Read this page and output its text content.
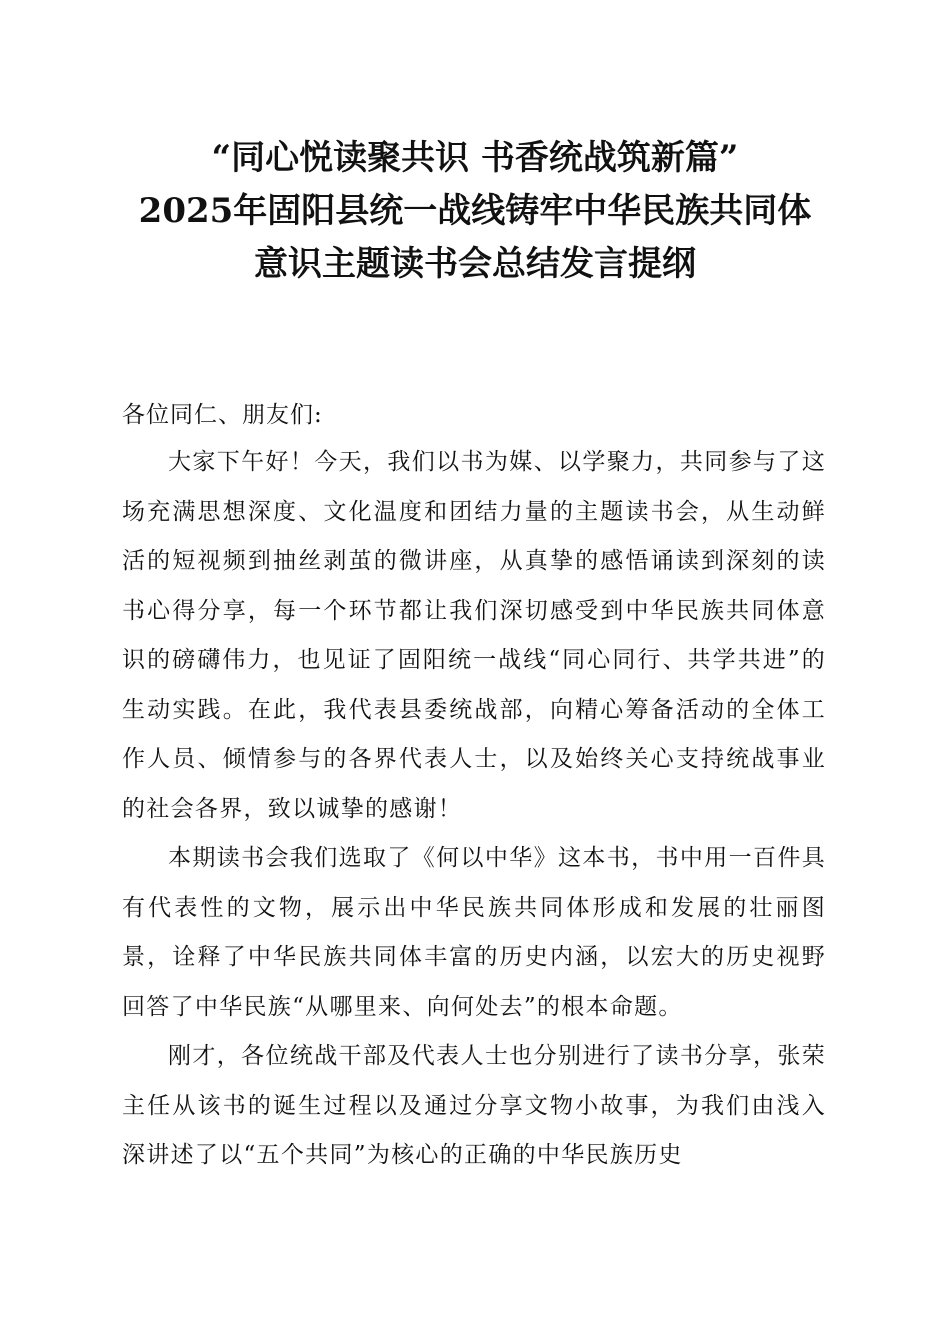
“同心悦读聚共识 书香统战筑新篇”
2025年固阳县统一战线铸牢中华民族共同体
意识主题读书会总结发言提纲
各位同仁、朋友们:

大家下午好！今天，我们以书为媒、以学聚力，共同参与了这场充满思想深度、文化温度和团结力量的主题读书会，从生动鲜活的短视频到抽丝剥茧的微讲座，从真挚的感悟诵读到深刻的读书心得分享，每一个环节都让我们深切感受到中华民族共同体意识的磅礴伟力，也见证了固阳统一战线“同心同行、共学共进”的生动实践。在此，我代表县委统战部，向精心筹备活动的全体工作人员、倾情参与的各界代表人士，以及始终关心支持统战事业的社会各界，致以诚挚的感谢！

本期读书会我们选取了《何以中华》这本书，书中用一百件具有代表性的文物，展示出中华民族共同体形成和发展的壮丽图景，诠释了中华民族共同体丰富的历史内涵，以宏大的历史视野回答了中华民族“从哪里来、向何处去”的根本命题。

刚才，各位统战干部及代表人士也分别进行了读书分享，张荣主任从该书的诞生过程以及通过分享文物小故事，为我们由浅入深讲述了以“五个共同”为核心的正确的中华民族历史
